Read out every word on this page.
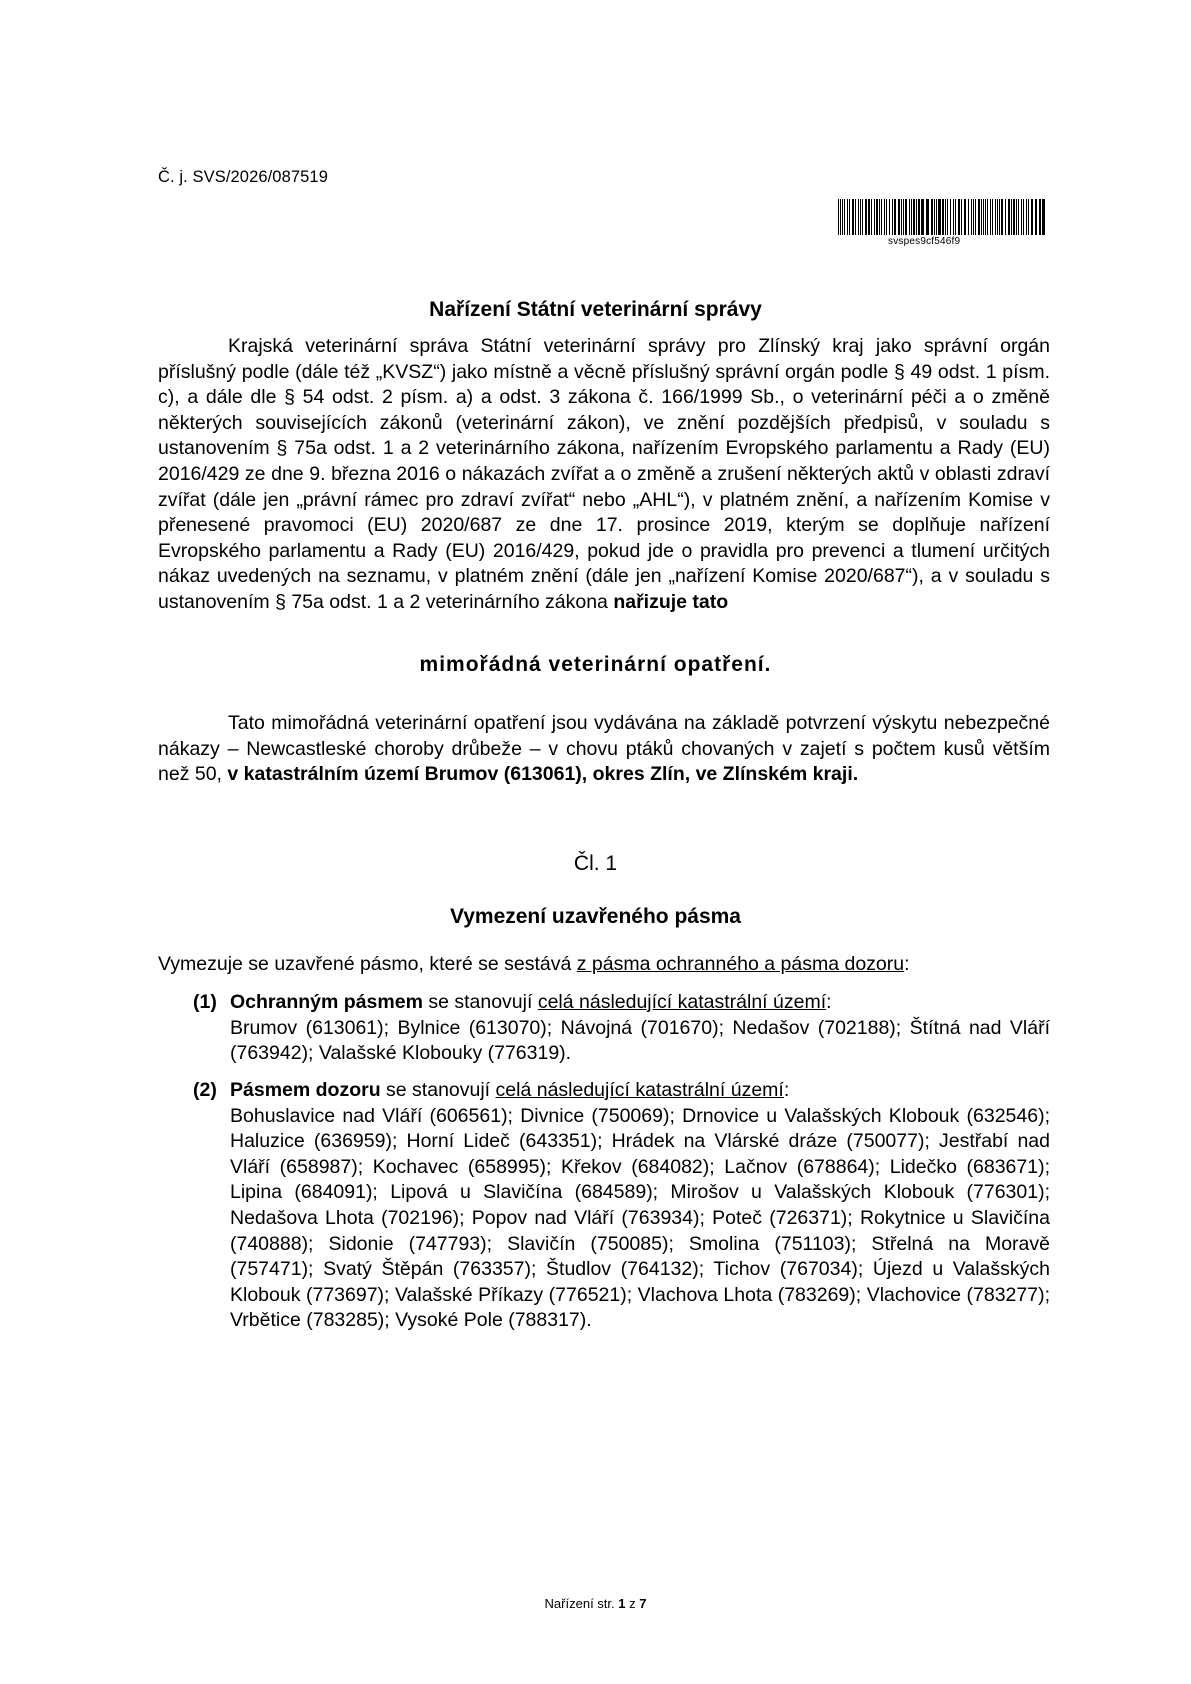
Č. j. SVS/2026/087519
svspes9cf546f9
Nařízení Státní veterinární správy

Krajská veterinární správa Státní veterinární správy pro Zlínský kraj jako správní orgán příslušný podle (dále též „KVSZ“) jako místně a věcně příslušný správní orgán podle § 49 odst. 1 písm. c), a dále dle § 54 odst. 2 písm. a) a odst. 3 zákona č. 166/1999 Sb., o veterinární péči a o změně některých souvisejících zákonů (veterinární zákon), ve znění pozdějších předpisů, v souladu s ustanovením § 75a odst. 1 a 2 veterinárního zákona, nařízením Evropského parlamentu a Rady (EU) 2016/429 ze dne 9. března 2016 o nákazách zvířat a o změně a zrušení některých aktů v oblasti zdraví zvířat (dále jen „právní rámec pro zdraví zvířat“ nebo „AHL“), v platném znění, a nařízením Komise v přenesené pravomoci (EU) 2020/687 ze dne 17. prosince 2019, kterým se doplňuje nařízení Evropského parlamentu a Rady (EU) 2016/429, pokud jde o pravidla pro prevenci a tlumení určitých nákaz uvedených na seznamu, v platném znění (dále jen „nařízení Komise 2020/687“), a v souladu s ustanovením § 75a odst. 1 a 2 veterinárního zákona nařizuje tato

mimořádná veterinární opatření.

Tato mimořádná veterinární opatření jsou vydávána na základě potvrzení výskytu nebezpečné nákazy – Newcastleské choroby drůbeže – v chovu ptáků chovaných v zajetí s počtem kusů větším než 50, v katastrálním území Brumov (613061), okres Zlín, ve Zlínském kraji.

Čl. 1
Vymezení uzavřeného pásma

Vymezuje se uzavřené pásmo, které se sestává z pásma ochranného a pásma dozoru:

(1) Ochranným pásmem se stanovují celá následující katastrální území:
Brumov (613061); Bylnice (613070); Návojná (701670); Nedašov (702188); Štítná nad Vláří (763942); Valašské Klobouky (776319).
(2) Pásmem dozoru se stanovují celá následující katastrální území:
Bohuslavice nad Vláří (606561); Divnice (750069); Drnovice u Valašských Klobouk (632546); Haluzice (636959); Horní Lideč (643351); Hrádek na Vlárské dráze (750077); Jestřabí nad Vláří (658987); Kochavec (658995); Křekov (684082); Lačnov (678864); Lidečko (683671); Lipina (684091); Lipová u Slavičína (684589); Mirošov u Valašských Klobouk (776301); Nedašova Lhota (702196); Popov nad Vláří (763934); Poteč (726371); Rokytnice u Slavičína (740888); Sidonie (747793); Slavičín (750085); Smolina (751103); Střelná na Moravě (757471); Svatý Štěpán (763357); Študlov (764132); Tichov (767034); Újezd u Valašských Klobouk (773697); Valašské Příkazy (776521); Vlachova Lhota (783269); Vlachovice (783277); Vrbětice (783285); Vysoké Pole (788317).
Nařízení str. 1 z 7
